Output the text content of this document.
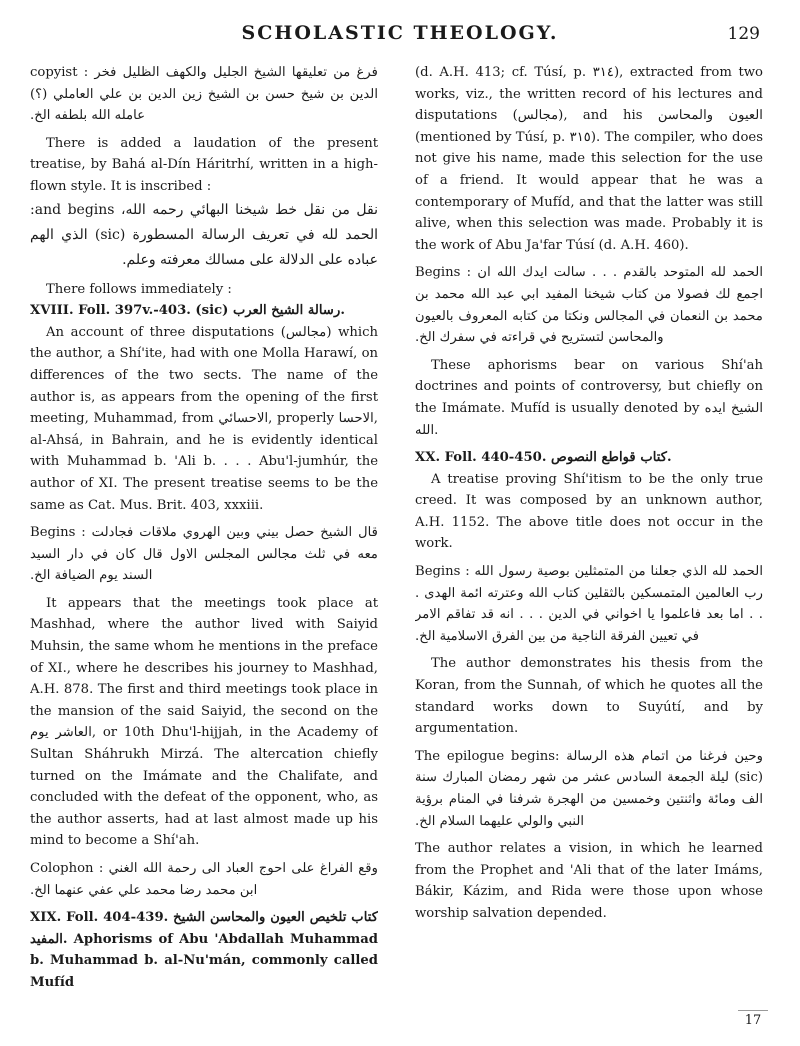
SCHOLASTIC THEOLOGY.	129

copyist : فرغ من تعليقها الشيخ الجليل والكهف الظليل فخر الدين بن شيخ حسن بن الشيخ زين الدين بن علي العاملي (؟) عامله الله بلطفه الخ.

There is added a laudation of the present treatise, by Bahá al-Dín Háritrhí, written in a high-flown style. It is inscribed :

نقل من نقل خط شيخنا البهائي رحمه الله، and begins: الحمد لله في تعريف الرسالة المسطورة (sic) الذي الهم عباده على الدلالة على مسالك معرفته وعلم.

There follows immediately :

XVIII. Foll. 397v.-403. (sic) رسالة الشيخ العرب.

An account of three disputations (مجالس) which the author, a Shí'ite, had with one Molla Harawí, on differences of the two sects. The name of the author is, as appears from the opening of the first meeting, Muhammad, from الاحسائي, properly الاحسا, al-Ahsá, in Bahrain, and he is evidently identical with Muhammad b. 'Ali b. . . . Abu'l-jumhúr, the author of XI. The present treatise seems to be the same as Cat. Mus. Brit. 403, xxxiii.

Begins : قال الشيخ حصل بيني وبين الهروي ملاقات فجادلت معه في ثلث مجالس المجلس الاول قال كان في دار السيد السند يوم الضيافة الخ.

It appears that the meetings took place at Mashhad, where the author lived with Saiyid Muhsin, the same whom he mentions in the preface of XI., where he describes his journey to Mashhad, A.H. 878. The first and third meetings took place in the mansion of the said Saiyid, the second on the العاشر يوم, or 10th Dhu'l-hijjah, in the Academy of Sultan Sháhrukh Mirzá. The altercation chiefly turned on the Imámate and the Chalifate, and concluded with the defeat of the opponent, who, as the author asserts, had at last almost made up his mind to become a Shí'ah.

Colophon : وقع الفراغ على احوج العباد الى رحمة الله الغني ابن محمد رضا محمد علي عفي عنهما الخ.

XIX. Foll. 404-439. كتاب تلخيص العيون والمحاسن الشيخ المفيد. Aphorisms of Abu 'Abdallah Muhammad b. Muhammad b. al-Nu'mán, commonly called Mufíd

(d. A.H. 413; cf. Túsí, p. ٣١٤), extracted from two works, viz., the written record of his lectures and disputations (مجالس), and his العيون والمحاسن (mentioned by Túsí, p. ٣١٥). The compiler, who does not give his name, made this selection for the use of a friend. It would appear that he was a contemporary of Mufíd, and that the latter was still alive, when this selection was made. Probably it is the work of Abu Ja'far Túsí (d. A.H. 460).

Begins : الحمد لله المتوحد بالقدم . . . سالت ايدك الله ان اجمع لك فصولا من كتاب شيخنا المفيد ابي عبد الله محمد بن محمد بن النعمان في المجالس ونكتا من كتابه المعروف بالعيون والمحاسن لتستريح في قراءته في سفرك الخ.

These aphorisms bear on various Shí'ah doctrines and points of controversy, but chiefly on the Imámate. Mufíd is usually denoted by الشيخ ايده الله.

XX. Foll. 440-450. كتاب قواطع النصوص.

A treatise proving Shí'itism to be the only true creed. It was composed by an unknown author, A.H. 1152. The above title does not occur in the work.

Begins : الحمد لله الذي جعلنا من المتمثلين بوصية رسول الله رب العالمين المتمسكين بالثقلين كتاب الله وعترته ائمة الهدى . . . اما بعد فاعلموا يا اخواني في الدين . . . انه قد تفاقم الامر في تعيين الفرقة الناجية من بين الفرق الاسلامية الخ.

The author demonstrates his thesis from the Koran, from the Sunnah, of which he quotes all the standard works down to Suyútí, and by argumentation.

The epilogue begins: وحين فرغنا من اتمام هذه الرسالة (sic) ليلة الجمعة السادس عشر من شهر رمضان المبارك سنة الف ومائة واثنتين وخمسين من الهجرة شرفنا في المنام برؤية النبي والولي عليهما السلام الخ.

The author relates a vision, in which he learned from the Prophet and 'Ali that of the later Imáms, Bákir, Kázim, and Rida were those upon whose worship salvation depended.

17
